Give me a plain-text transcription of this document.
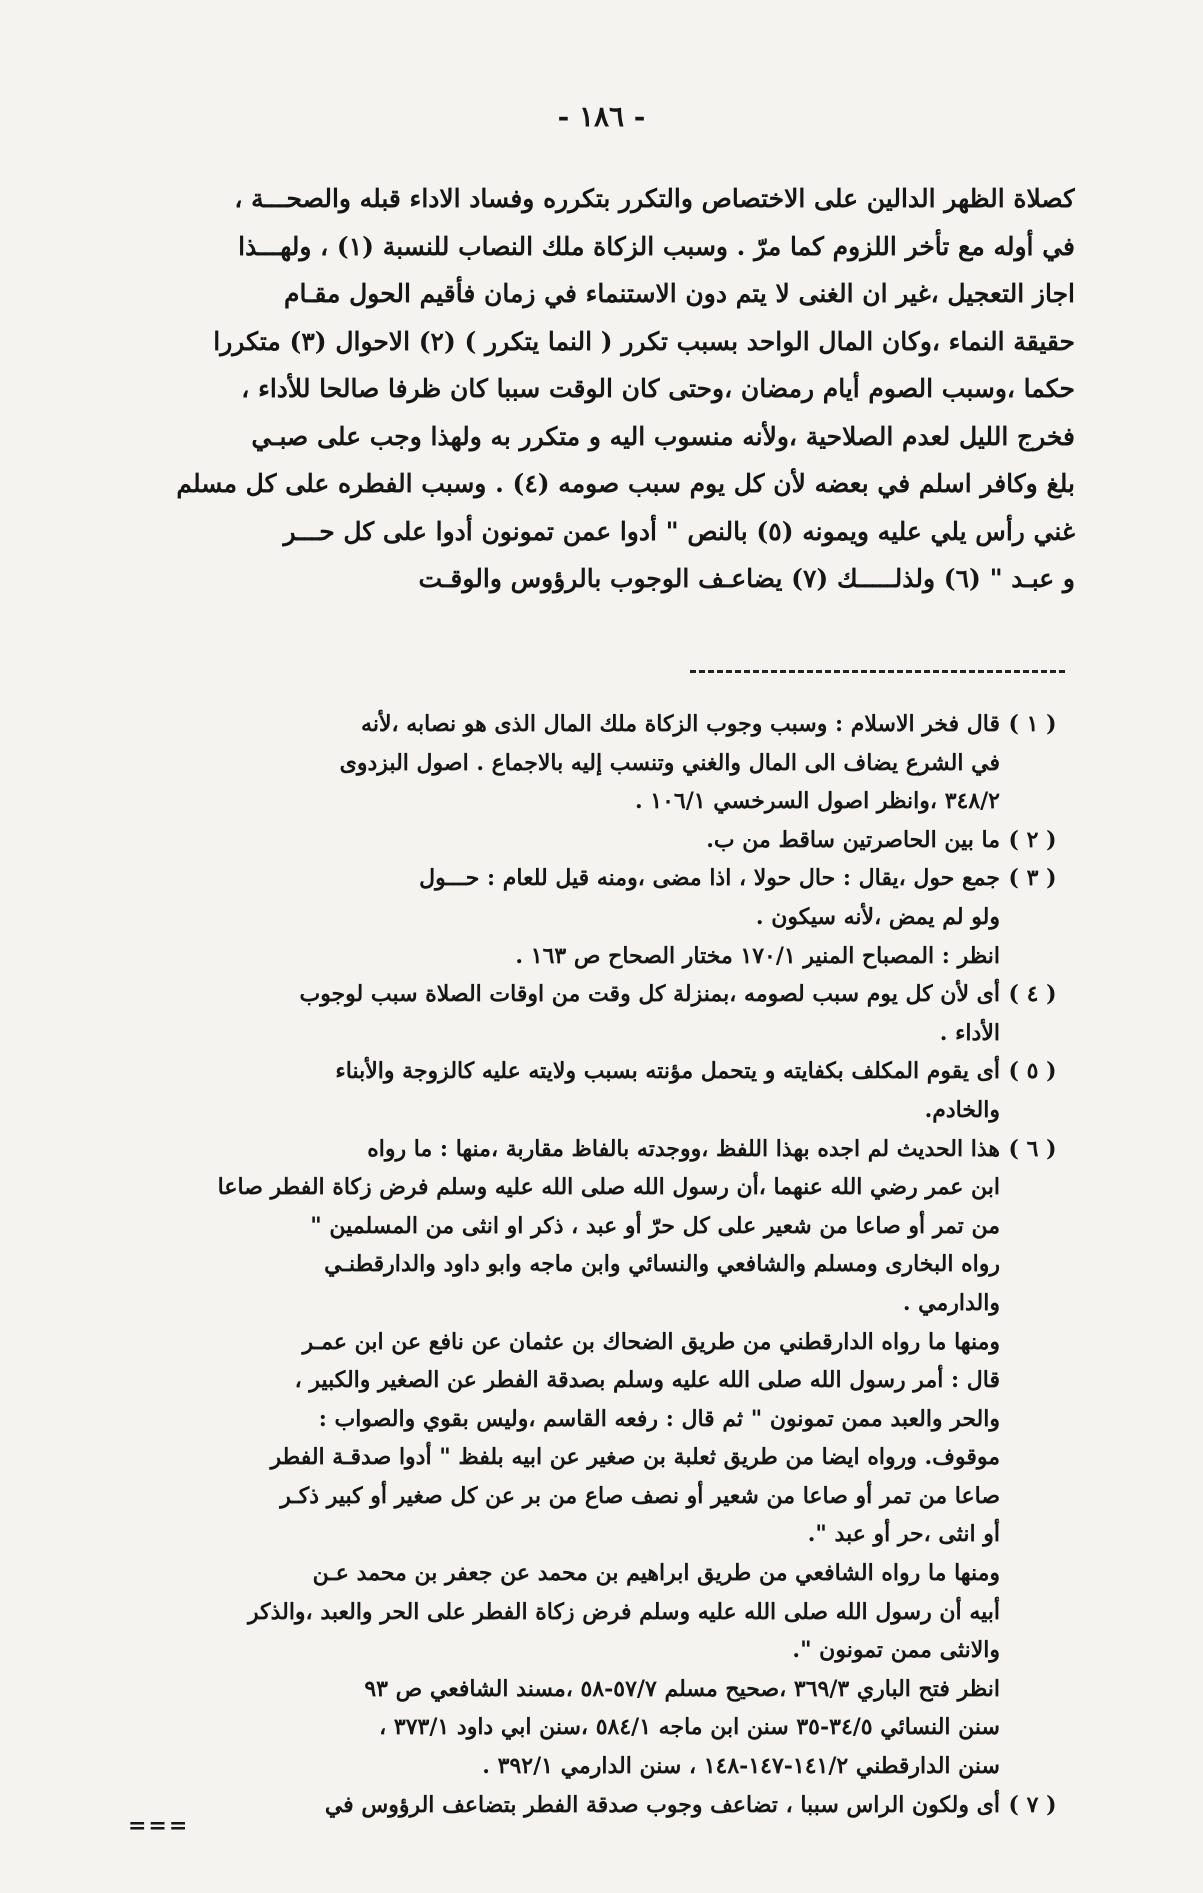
- ١٨٦ -
كصلاة الظهر الدالين على الاختصاص والتكرر بتكرره وفساد الاداء قبله والصحـــة ،
في أوله مع تأخر اللزوم كما مرّ . وسبب الزكاة ملك النصاب للنسبة (١) ، ولهـــذا
اجاز التعجيل ،غير ان الغنى لا يتم دون الاستنماء في زمان فأقيم الحول مقـام
حقيقة النماء ،وكان المال الواحد بسبب تكرر ( النما يتكرر ) (٢) الاحوال (٣) متكررا
حكما ،وسبب الصوم أيام رمضان ،وحتى كان الوقت سببا كان ظرفا صالحا للأداء ،
فخرج الليل لعدم الصلاحية ،ولأنه منسوب اليه و متكرر به ولهذا وجب على صبـي
بلغ وكافر اسلم في بعضه لأن كل يوم سبب صومه (٤) . وسبب الفطره على كل مسلم
غني رأس يلي عليه ويمونه (٥) بالنص " أدوا عمن تمونون أدوا على كل حـــر
و عبـد " (٦) ولذلـــــك (٧) يضاعـف الوجوب بالرؤوس والوقـت
( ١ )
قال فخر الاسلام : وسبب وجوب الزكاة ملك المال الذى هو نصابه ،لأنه
في الشرع يضاف الى المال والغني وتنسب إليه بالاجماع . اصول البزدوى
٣٤٨/٢ ،وانظر اصول السرخسي ١٠٦/١ .
( ٢ )
ما بين الحاصرتين ساقط من ب.
( ٣ )
جمع حول ،يقال : حال حولا ، اذا مضى ،ومنه قيل للعام : حـــول
ولو لم يمض ،لأنه سيكون .
انظر : المصباح المنير ١٧٠/١ مختار الصحاح ص ١٦٣ .
( ٤ )
أى لأن كل يوم سبب لصومه ،بمنزلة كل وقت من اوقات الصلاة سبب لوجوب
الأداء .
( ٥ )
أى يقوم المكلف بكفايته و يتحمل مؤنته بسبب ولايته عليه كالزوجة والأبناء
والخادم.
( ٦ )
هذا الحديث لم اجده بهذا اللفظ ،ووجدته بالفاظ مقاربة ،منها : ما رواه
ابن عمر رضي الله عنهما ،أن رسول الله صلى الله عليه وسلم فرض زكاة الفطر صاعا
من تمر أو صاعا من شعير على كل حرّ أو عبد ، ذكر او انثى من المسلمين "
رواه البخارى ومسلم والشافعي والنسائي وابن ماجه وابو داود والدارقطنـي
والدارمي .
ومنها ما رواه الدارقطني من طريق الضحاك بن عثمان عن نافع عن ابن عمـر
قال : أمر رسول الله صلى الله عليه وسلم بصدقة الفطر عن الصغير والكبير ،
والحر والعبد ممن تمونون " ثم قال : رفعه القاسم ،وليس بقوي والصواب :
موقوف. ورواه ايضا من طريق ثعلبة بن صغير عن ابيه بلفظ " أدوا صدقـة الفطر
صاعا من تمر أو صاعا من شعير أو نصف صاع من بر عن كل صغير أو كبير ذكـر
أو انثى ،حر أو عبد ".
ومنها ما رواه الشافعي من طريق ابراهيم بن محمد عن جعفر بن محمد عـن
أبيه أن رسول الله صلى الله عليه وسلم فرض زكاة الفطر على الحر والعبد ،والذكر
والانثى ممن تمونون ".
انظر فتح الباري ٣٦٩/٣ ،صحيح مسلم ٥٧/٧-٥٨ ،مسند الشافعي ص ٩٣
سنن النسائي ٣٤/٥-٣٥ سنن ابن ماجه ٥٨٤/١ ،سنن ابي داود ٣٧٣/١ ،
سنن الدارقطني ١٤١/٢-١٤٧-١٤٨ ، سنن الدارمي ٣٩٢/١ .
( ٧ )
أى ولكون الراس سببا ، تضاعف وجوب صدقة الفطر بتضاعف الرؤوس في
===
